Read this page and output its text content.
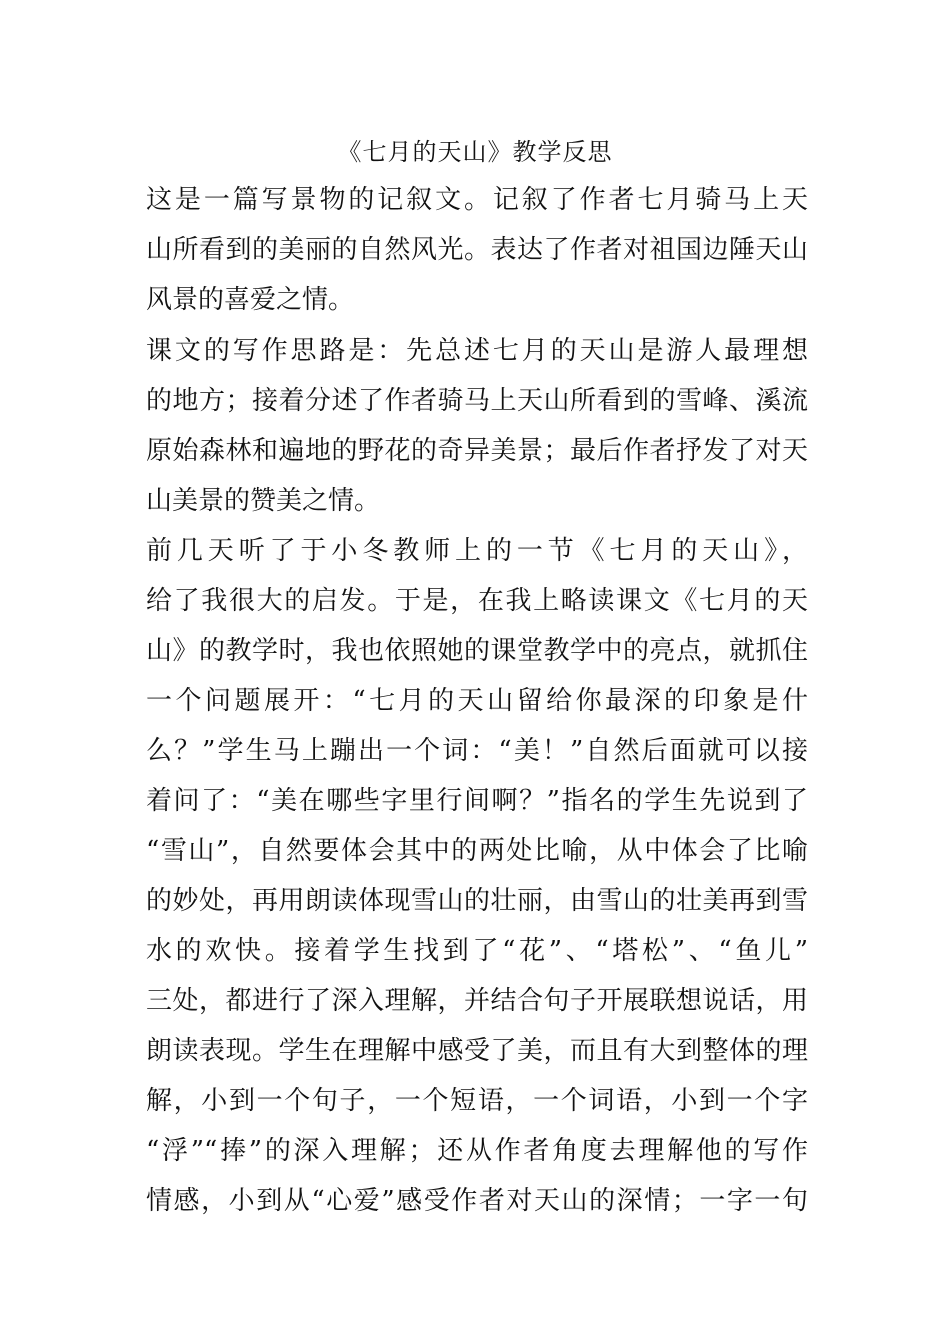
《七月的天山》教学反思
这是一篇写景物的记叙文。记叙了作者七月骑马上天
山所看到的美丽的自然风光。表达了作者对祖国边陲天山
风景的喜爱之情。
课文的写作思路是：先总述七月的天山是游人最理想
的地方；接着分述了作者骑马上天山所看到的雪峰、溪流
原始森林和遍地的野花的奇异美景；最后作者抒发了对天
山美景的赞美之情。
前几天听了于小冬教师上的一节《七月的天山》，
给了我很大的启发。于是，在我上略读课文《七月的天
山》的教学时，我也依照她的课堂教学中的亮点，就抓住
一个问题展开：“七月的天山留给你最深的印象是什
么？”学生马上蹦出一个词：“美！”自然后面就可以接
着问了：“美在哪些字里行间啊？”指名的学生先说到了
“雪山”，自然要体会其中的两处比喻，从中体会了比喻
的妙处，再用朗读体现雪山的壮丽，由雪山的壮美再到雪
水的欢快。接着学生找到了“花”、“塔松”、“鱼儿”
三处，都进行了深入理解，并结合句子开展联想说话，用
朗读表现。学生在理解中感受了美，而且有大到整体的理
解，小到一个句子，一个短语，一个词语，小到一个字
“浮”“捧”的深入理解；还从作者角度去理解他的写作
情感，小到从“心爱”感受作者对天山的深情；一字一句
